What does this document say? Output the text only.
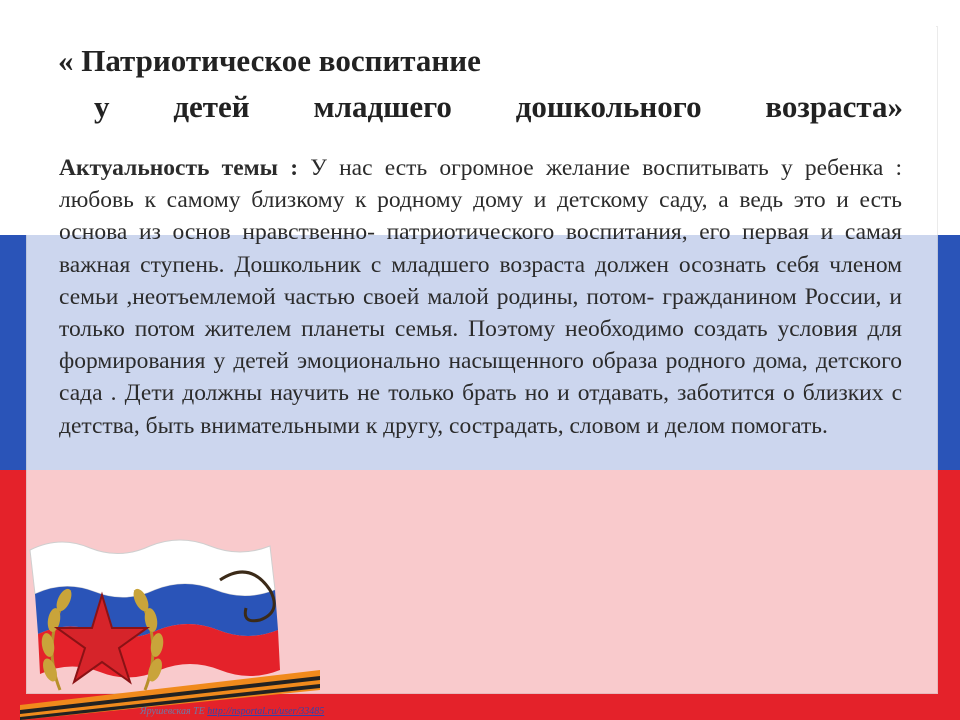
« Патриотическое воспитание
у детей младшего дошкольного возраста»
Актуальность темы : У нас есть огромное желание воспитывать у ребенка : любовь к самому близкому к родному дому и детскому саду, а ведь это и есть основа из основ нравственно- патриотического воспитания, его первая и самая важная ступень. Дошкольник с младшего возраста должен осознать себя членом семьи ,неотъемлемой частью своей малой родины, потом- гражданином России, и только потом жителем планеты семья. Поэтому необходимо создать условия для формирования у детей эмоционально насыщенного образа родного дома, детского сада . Дети должны научить не только брать но и отдавать, заботится о близких с детства, быть внимательными к другу, сострадать, словом и делом помогать.
Ярушевская ТЕ http://nsportal.ru/user/33485
